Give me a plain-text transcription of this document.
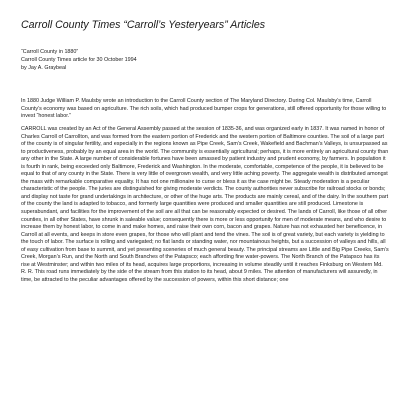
Carroll County Times “Carroll’s Yesteryears” Articles
“Carroll County in 1880”
Carroll County Times article for 30 October 1994
by Jay A. Graybeal

In 1880 Judge William P. Maulsby wrote an introduction to the Carroll County section of The Maryland Directory. During Col. Maulsby’s time, Carroll County’s economy was based on agriculture. The rich soils, which had produced bumper crops for generations, still offered opportunity for those willing to invest “honest labor.”

CARROLL was created by an Act of the General Assembly passed at the session of 1835-36, and was organized early in 1837. It was named in honor of Charles Carroll of Carrollton, and was formed from the eastern portion of Frederick and the western portion of Baltimore counties. The soil of a large part of the county is of singular fertility, and especially in the regions known as Pipe Creek, Sam’s Creek, Wakefield and Bachman’s Valleys, is unsurpassed as to productiveness, probably by an equal area in the world. The community is essentially agricultural; perhaps, it is more entirely an agricultural county than any other in the State. A large number of considerable fortunes have been amassed by patient industry and prudent economy, by farmers. In population it is fourth in rank, being exceeded only Baltimore, Frederick and Washington. In the moderate, comfortable, competence of the people, it is believed to be equal to that of any county in the State. There is very little of overgrown wealth, and very little aching poverty. The aggregate wealth is distributed amongst the mass with remarkable comparative equality. It has not one millionaire to curse or bless it as the case might be. Steady moderation is a peculiar characteristic of the people. The juries are distinguished for giving moderate verdicts. The county authorities never subscribe for railroad stocks or bonds; and display not taste for grand undertakings in architecture, or other of the huge arts. The products are mainly cereal, and of the dairy. In the southern part of the county the land is adapted to tobacco, and formerly large quantities were produced and smaller quantities are still produced. Limestone is superabundant, and facilities for the improvement of the soil are all that can be reasonably expected or desired. The lands of Carroll, like those of all other counties, in all other States, have shrunk in saleable value; consequently there is more or less opportunity for men of moderate means, and who desire to increase them by honest labor, to come in and make homes, and raise their own corn, bacon and grapes. Nature has not exhausted her beneficence, in Carroll at all events, and keeps in store even grapes, for those who will plant and tend the vines. The soil is of great variety, but each variety is yielding to the touch of labor. The surface is rolling and variegated; no flat lands or standing water, nor mountainous heights, but a succession of valleys and hills, all of easy cultivation from base to summit, and yet presenting sceneries of much general beauty. The principal streams are Little and Big Pipe Creeks, Sam’s Creek, Morgan’s Run, and the North and South Branches of the Patapsco; each affording fine water-powers. The North Branch of the Patapsco has its rise at Westminster; and within two miles of its head, acquires large proportions, increasing in volume steadily until it reaches Finksburg on Western Md. R. R. This road runs immediately by the side of the stream from this station to its head, about 9 miles. The attention of manufacturers will assuredly, in time, be attracted to the peculiar advantages offered by the succession of powers, within this short distance; one
